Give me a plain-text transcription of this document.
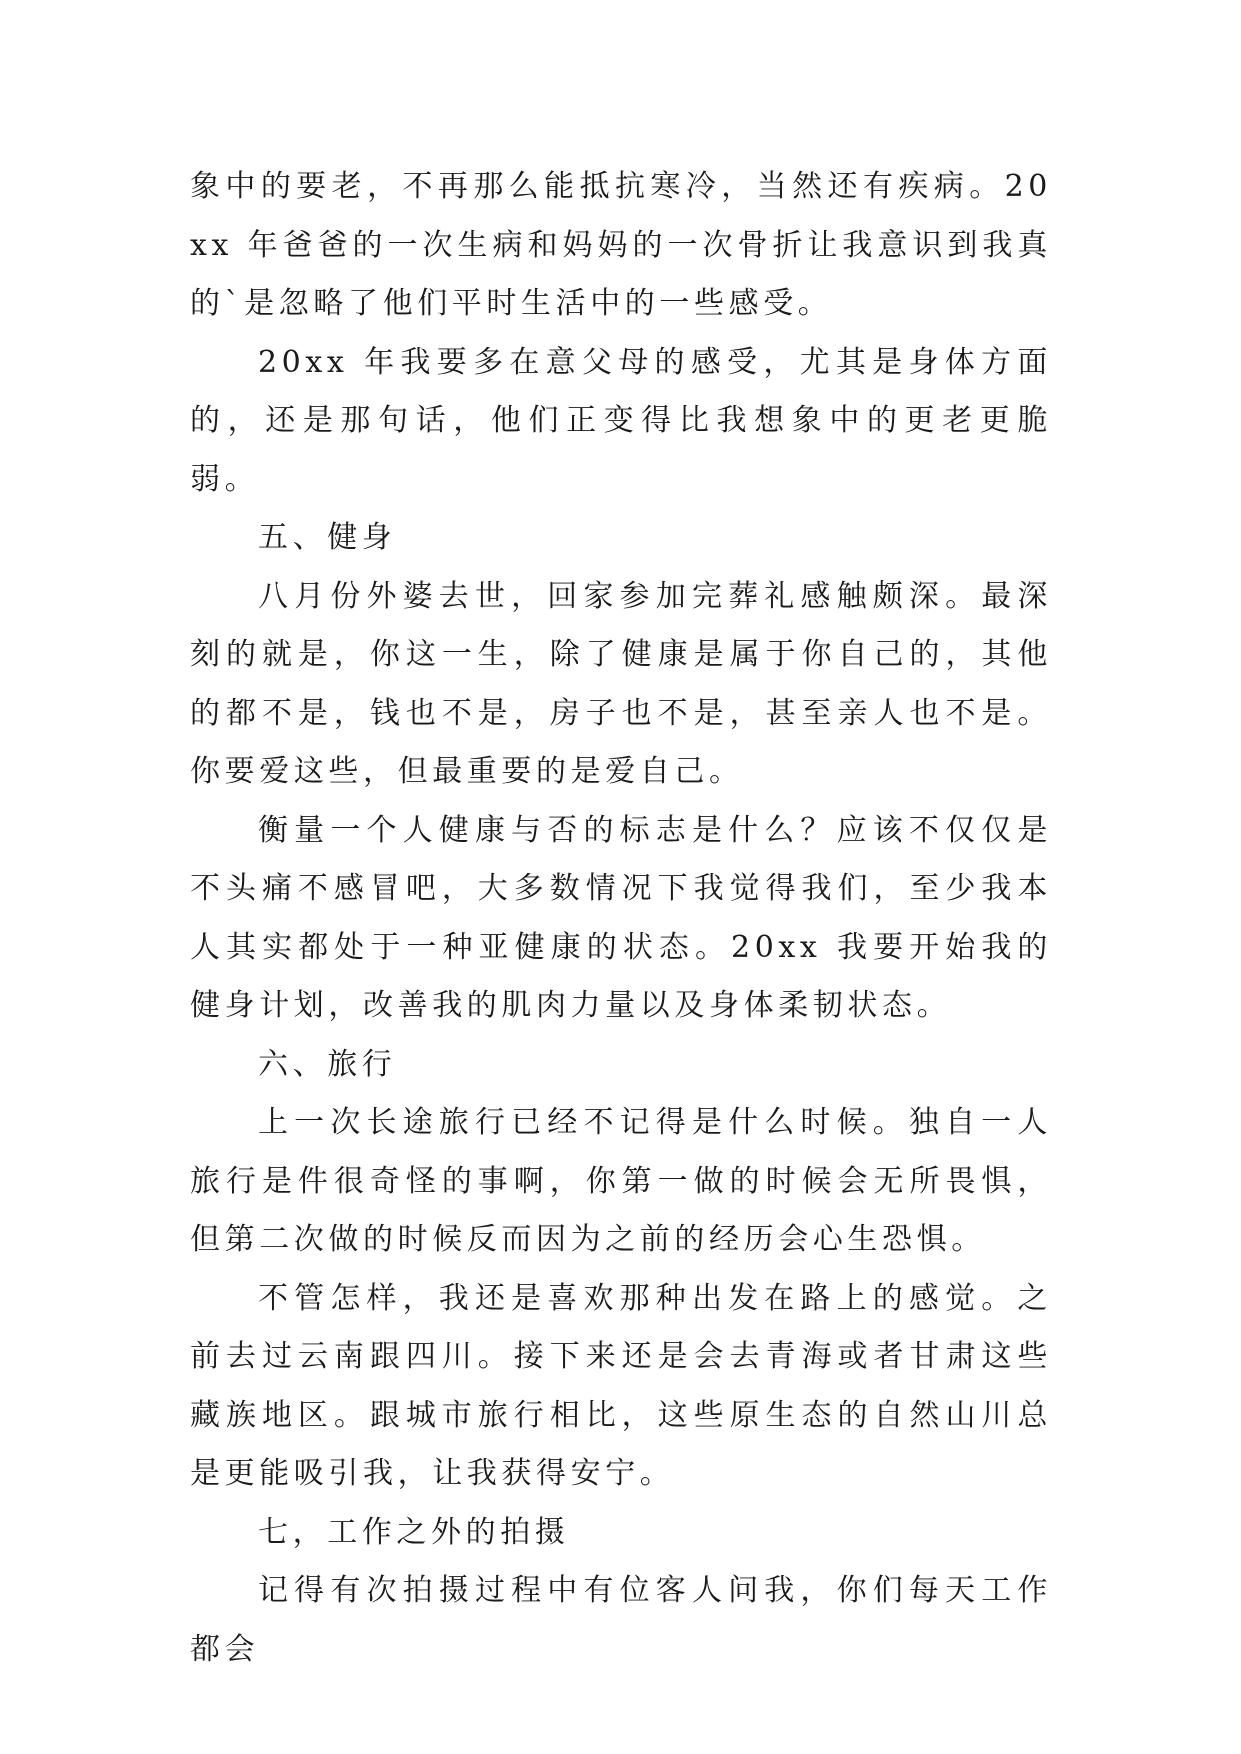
象中的要老，不再那么能抵抗寒冷，当然还有疾病。20xx 年爸爸的一次生病和妈妈的一次骨折让我意识到我真的`是忽略了他们平时生活中的一些感受。

20xx 年我要多在意父母的感受，尤其是身体方面的，还是那句话，他们正变得比我想象中的更老更脆弱。

五、健身

八月份外婆去世，回家参加完葬礼感触颇深。最深刻的就是，你这一生，除了健康是属于你自己的，其他的都不是，钱也不是，房子也不是，甚至亲人也不是。你要爱这些，但最重要的是爱自己。

衡量一个人健康与否的标志是什么？应该不仅仅是不头痛不感冒吧，大多数情况下我觉得我们，至少我本人其实都处于一种亚健康的状态。20xx 我要开始我的健身计划，改善我的肌肉力量以及身体柔韧状态。

六、旅行

上一次长途旅行已经不记得是什么时候。独自一人旅行是件很奇怪的事啊，你第一做的时候会无所畏惧，但第二次做的时候反而因为之前的经历会心生恐惧。

不管怎样，我还是喜欢那种出发在路上的感觉。之前去过云南跟四川。接下来还是会去青海或者甘肃这些藏族地区。跟城市旅行相比，这些原生态的自然山川总是更能吸引我，让我获得安宁。

七，工作之外的拍摄

记得有次拍摄过程中有位客人问我，你们每天工作都会
